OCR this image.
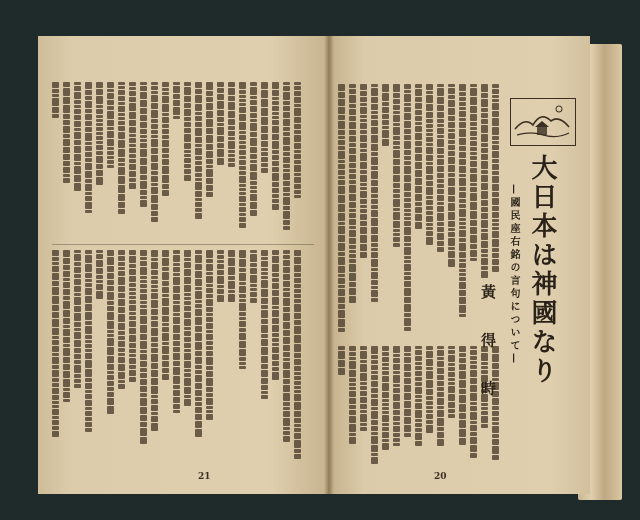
21
大日本は神國なり
—國民座右銘の言句について—
黃 得 時
20
